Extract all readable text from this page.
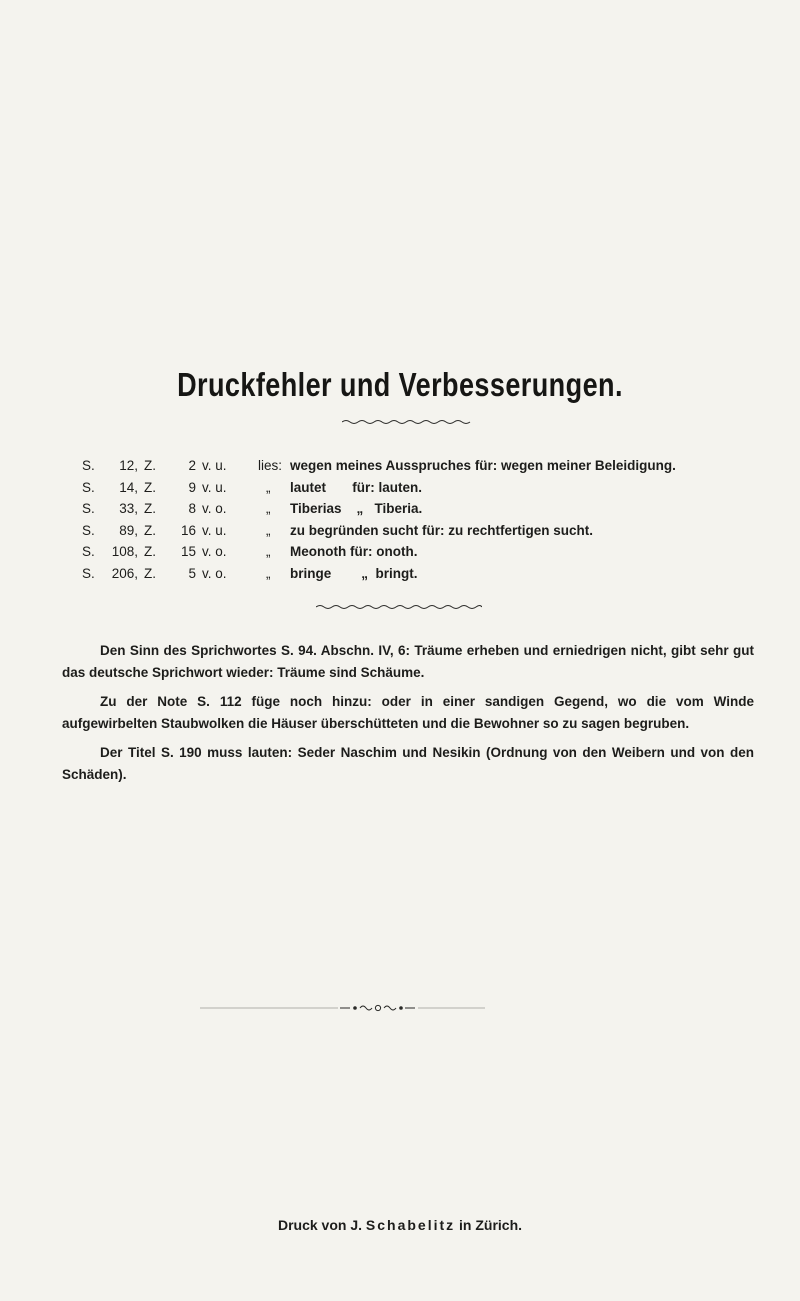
Druckfehler und Verbesserungen.
S.	12, Z.	2 v. u. lies: wegen meines Ausspruches für: wegen meiner Beleidigung.
S.	14, Z.	9 v. u.	„ lautet       für: lauten.
S.	33, Z.	8 v. o.	„ Tiberias    „   Tiberia.
S.	89, Z.	16 v. u.	„ zu begründen sucht für: zu rechtfertigen sucht.
S.	108, Z.	15 v. o.	„ Meonoth für: onoth.
S.	206, Z.	5 v. o.	„ bringe        „  bringt.

Den Sinn des Sprichwortes S. 94. Abschn. IV, 6: Träume erheben und erniedrigen nicht, gibt sehr gut das deutsche Sprichwort wieder: Träume sind Schäume.

Zu der Note S. 112 füge noch hinzu: oder in einer sandigen Gegend, wo die vom Winde aufgewirbelten Staubwolken die Häuser überschütteten und die Bewohner so zu sagen begruben.

Der Titel S. 190 muss lauten: Seder Naschim und Nesikin (Ordnung von den Weibern und von den Schäden).

Druck von J. Schabelitz in Zürich.
